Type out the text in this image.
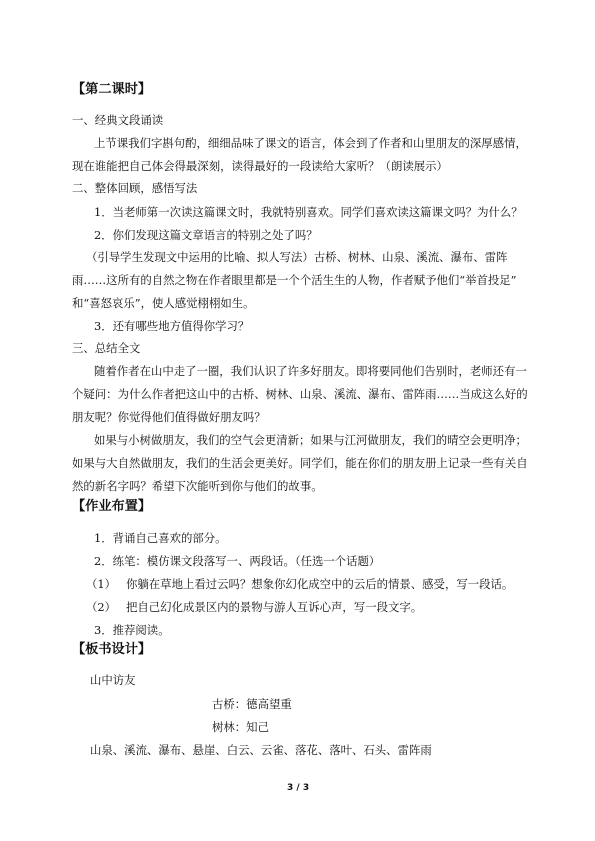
【第二课时】
一、经典文段诵读
上节课我们字斟句酌，细细品味了课文的语言，体会到了作者和山里朋友的深厚感情，
现在谁能把自己体会得最深刻，读得最好的一段读给大家听？（朗读展示）
二、整体回顾，感悟写法
1．当老师第一次读这篇课文时，我就特别喜欢。同学们喜欢读这篇课文吗？为什么？
2．你们发现这篇文章语言的特别之处了吗？
（引导学生发现文中运用的比喻、拟人写法）古桥、树林、山泉、溪流、瀑布、雷阵
雨……这所有的自然之物在作者眼里都是一个个活生生的人物，作者赋予他们“举首投足”
和“喜怒哀乐”，使人感觉栩栩如生。
3．还有哪些地方值得你学习？
三、总结全文
随着作者在山中走了一圈，我们认识了许多好朋友。即将要同他们告别时，老师还有一
个疑问：为什么作者把这山中的古桥、树林、山泉、溪流、瀑布、雷阵雨……当成这么好的
朋友呢？你觉得他们值得做好朋友吗？
如果与小树做朋友，我们的空气会更清新；如果与江河做朋友，我们的晴空会更明净；
如果与大自然做朋友，我们的生活会更美好。同学们，能在你们的朋友册上记录一些有关自
然的新名字吗？希望下次能听到你与他们的故事。
【作业布置】
1．背诵自己喜欢的部分。
2．练笔：模仿课文段落写一、两段话。（任选一个话题）
（1） 你躺在草地上看过云吗？想象你幻化成空中的云后的情景、感受，写一段话。
（2） 把自己幻化成景区内的景物与游人互诉心声，写一段文字。
3．推荐阅读。
【板书设计】
山中访友
古桥：德高望重
树林：知己
山泉、溪流、瀑布、悬崖、白云、云雀、落花、落叶、石头、雷阵雨
3 / 3
